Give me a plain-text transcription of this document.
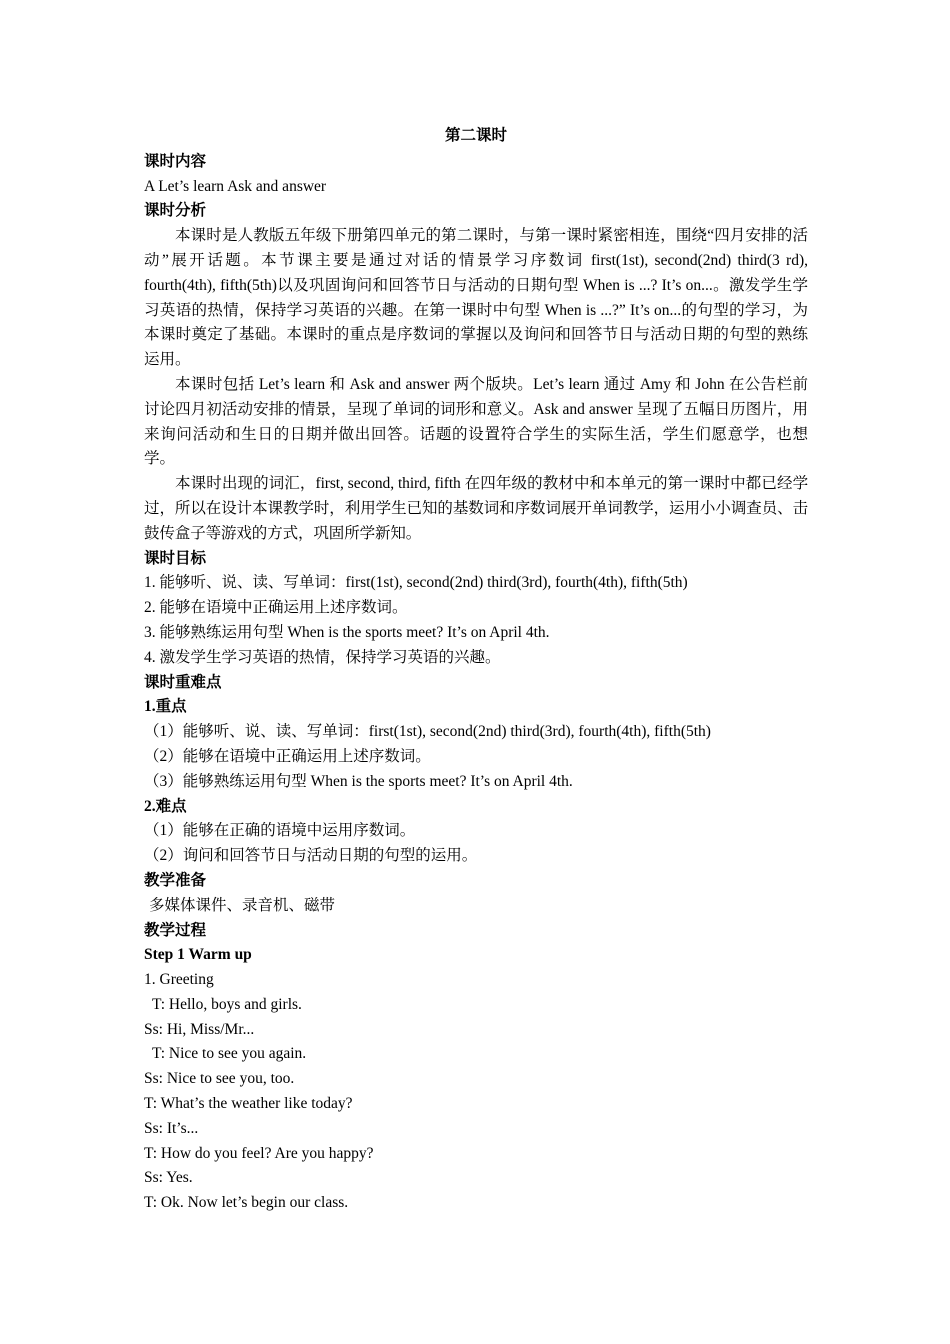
第二课时
课时内容
A Let’s learn Ask and answer
课时分析
本课时是人教版五年级下册第四单元的第二课时，与第一课时紧密相连，围绕“四月安排的活动”展开话题。本节课主要是通过对话的情景学习序数词 first(1st), second(2nd) third(3 rd), fourth(4th), fifth(5th)以及巩固询问和回答节日与活动的日期句型 When is ...? It’s on...。激发学生学习英语的热情，保持学习英语的兴趣。在第一课时中句型 When is ...?” It’s on...的句型的学习，为本课时奠定了基础。本课时的重点是序数词的掌握以及询问和回答节日与活动日期的句型的熟练运用。
本课时包括 Let’s learn 和 Ask and answer 两个版块。Let’s learn 通过 Amy 和 John 在公告栏前讨论四月初活动安排的情景，呈现了单词的词形和意义。Ask and answer 呈现了五幅日历图片，用来询问活动和生日的日期并做出回答。话题的设置符合学生的实际生活，学生们愿意学，也想学。
本课时出现的词汇，first, second, third, fifth 在四年级的教材中和本单元的第一课时中都已经学过，所以在设计本课教学时，利用学生已知的基数词和序数词展开单词教学，运用小小调查员、击鼓传盒子等游戏的方式，巩固所学新知。
课时目标
1. 能够听、说、读、写单词：first(1st), second(2nd) third(3rd), fourth(4th), fifth(5th)
2. 能够在语境中正确运用上述序数词。
3. 能够熟练运用句型 When is the sports meet? It’s on April 4th.
4. 激发学生学习英语的热情，保持学习英语的兴趣。
课时重难点
1.重点
（1）能够听、说、读、写单词：first(1st), second(2nd) third(3rd), fourth(4th), fifth(5th)
（2）能够在语境中正确运用上述序数词。
（3）能够熟练运用句型 When is the sports meet? It’s on April 4th.
2.难点
（1）能够在正确的语境中运用序数词。
（2）询问和回答节日与活动日期的句型的运用。
教学准备
多媒体课件、录音机、磁带
教学过程
Step 1 Warm up
1. Greeting
T: Hello, boys and girls.
Ss: Hi, Miss/Mr...
T: Nice to see you again.
Ss: Nice to see you, too.
T: What’s the weather like today?
Ss: It’s...
T: How do you feel? Are you happy?
Ss: Yes.
T: Ok. Now let’s begin our class.
